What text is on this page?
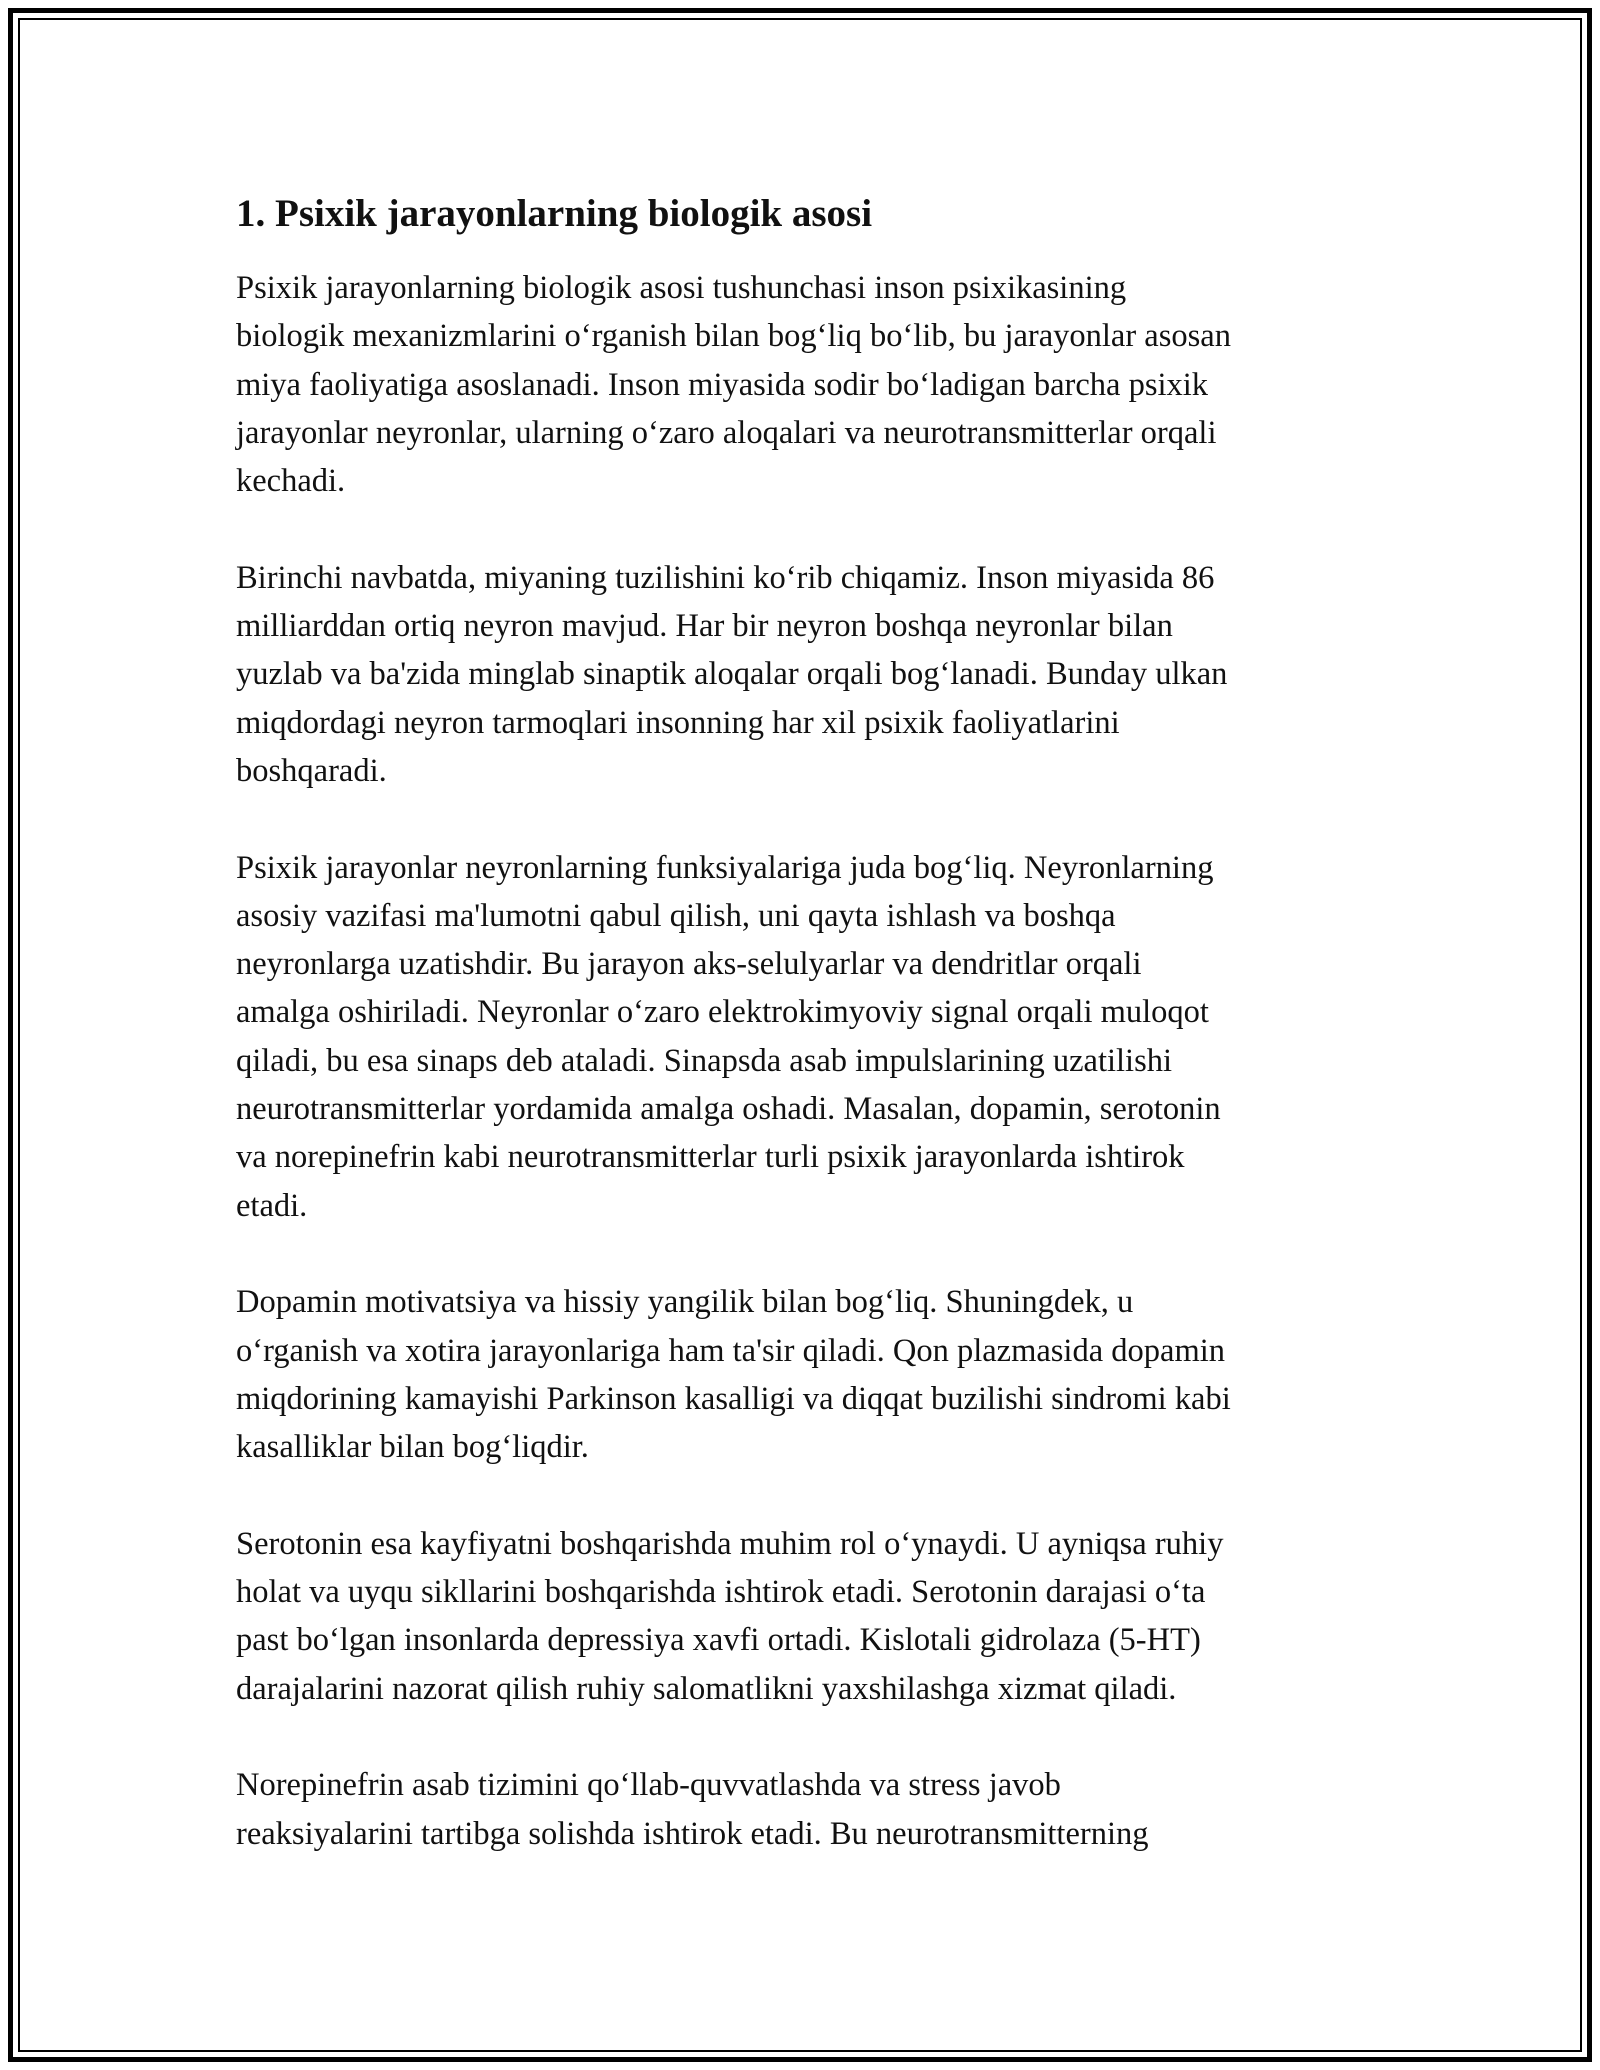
1. Psixik jarayonlarning biologik asosi
Psixik jarayonlarning biologik asosi tushunchasi inson psixikasining
biologik mexanizmlarini o‘rganish bilan bog‘liq bo‘lib, bu jarayonlar asosan
miya faoliyatiga asoslanadi. Inson miyasida sodir bo‘ladigan barcha psixik
jarayonlar neyronlar, ularning o‘zaro aloqalari va neurotransmitterlar orqali
kechadi.
Birinchi navbatda, miyaning tuzilishini ko‘rib chiqamiz. Inson miyasida 86
milliarddan ortiq neyron mavjud. Har bir neyron boshqa neyronlar bilan
yuzlab va ba'zida minglab sinaptik aloqalar orqali bog‘lanadi. Bunday ulkan
miqdordagi neyron tarmoqlari insonning har xil psixik faoliyatlarini
boshqaradi.
Psixik jarayonlar neyronlarning funksiyalariga juda bog‘liq. Neyronlarning
asosiy vazifasi ma'lumotni qabul qilish, uni qayta ishlash va boshqa
neyronlarga uzatishdir. Bu jarayon aks-selulyarlar va dendritlar orqali
amalga oshiriladi. Neyronlar o‘zaro elektrokimyoviy signal orqali muloqot
qiladi, bu esa sinaps deb ataladi. Sinapsda asab impulslarining uzatilishi
neurotransmitterlar yordamida amalga oshadi. Masalan, dopamin, serotonin
va norepinefrin kabi neurotransmitterlar turli psixik jarayonlarda ishtirok
etadi.
Dopamin motivatsiya va hissiy yangilik bilan bog‘liq. Shuningdek, u
o‘rganish va xotira jarayonlariga ham ta'sir qiladi. Qon plazmasida dopamin
miqdorining kamayishi Parkinson kasalligi va diqqat buzilishi sindromi kabi
kasalliklar bilan bog‘liqdir.
Serotonin esa kayfiyatni boshqarishda muhim rol o‘ynaydi. U ayniqsa ruhiy
holat va uyqu sikllarini boshqarishda ishtirok etadi. Serotonin darajasi o‘ta
past bo‘lgan insonlarda depressiya xavfi ortadi. Kislotali gidrolaza (5-HT)
darajalarini nazorat qilish ruhiy salomatlikni yaxshilashga xizmat qiladi.
Norepinefrin asab tizimini qo‘llab-quvvatlashda va stress javob
reaksiyalarini tartibga solishda ishtirok etadi. Bu neurotransmitterning
